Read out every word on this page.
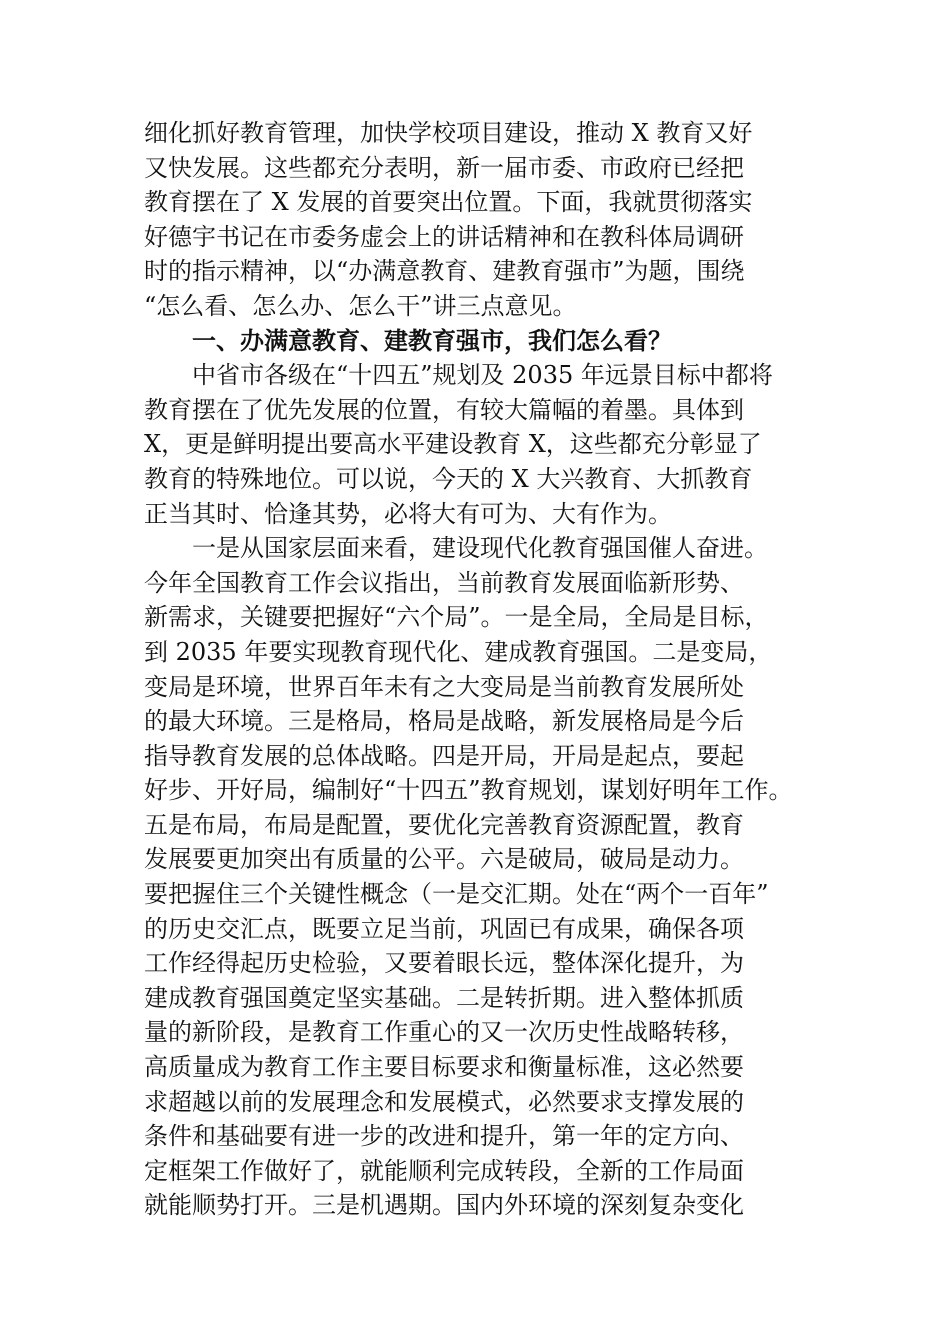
细化抓好教育管理，加快学校项目建设，推动 X 教育又好
又快发展。这些都充分表明，新一届市委、市政府已经把
教育摆在了 X 发展的首要突出位置。下面，我就贯彻落实
好德宇书记在市委务虚会上的讲话精神和在教科体局调研
时的指示精神，以“办满意教育、建教育强市”为题，围绕
“怎么看、怎么办、怎么干”讲三点意见。
一、办满意教育、建教育强市，我们怎么看？
中省市各级在“十四五”规划及 2035 年远景目标中都将
教育摆在了优先发展的位置，有较大篇幅的着墨。具体到
X，更是鲜明提出要高水平建设教育 X，这些都充分彰显了
教育的特殊地位。可以说，今天的 X 大兴教育、大抓教育
正当其时、恰逢其势，必将大有可为、大有作为。
一是从国家层面来看，建设现代化教育强国催人奋进。
今年全国教育工作会议指出，当前教育发展面临新形势、
新需求，关键要把握好“六个局”。一是全局，全局是目标，
到 2035 年要实现教育现代化、建成教育强国。二是变局，
变局是环境，世界百年未有之大变局是当前教育发展所处
的最大环境。三是格局，格局是战略，新发展格局是今后
指导教育发展的总体战略。四是开局，开局是起点，要起
好步、开好局，编制好“十四五”教育规划，谋划好明年工作。
五是布局，布局是配置，要优化完善教育资源配置，教育
发展要更加突出有质量的公平。六是破局，破局是动力。
要把握住三个关键性概念（一是交汇期。处在“两个一百年”
的历史交汇点，既要立足当前，巩固已有成果，确保各项
工作经得起历史检验，又要着眼长远，整体深化提升，为
建成教育强国奠定坚实基础。二是转折期。进入整体抓质
量的新阶段，是教育工作重心的又一次历史性战略转移，
高质量成为教育工作主要目标要求和衡量标准，这必然要
求超越以前的发展理念和发展模式，必然要求支撑发展的
条件和基础要有进一步的改进和提升，第一年的定方向、
定框架工作做好了，就能顺利完成转段，全新的工作局面
就能顺势打开。三是机遇期。国内外环境的深刻复杂变化
